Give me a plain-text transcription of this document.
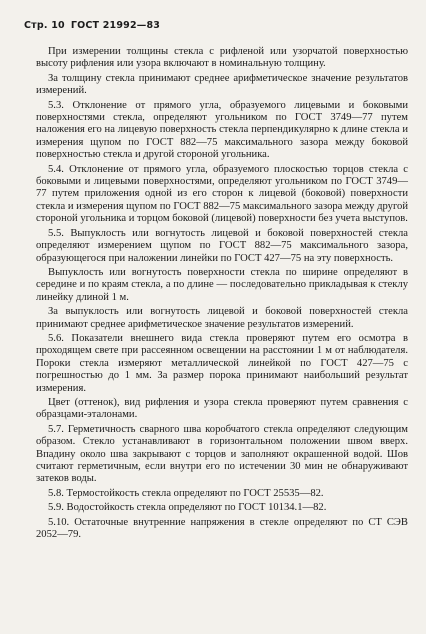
Стр. 10 ГОСТ 21992—83

При измерении толщины стекла с рифленой или узорчатой поверхностью высоту рифления или узора включают в номинальную толщину.

За толщину стекла принимают среднее арифметическое значение результатов измерений.

5.3. Отклонение от прямого угла, образуемого лицевыми и боковыми поверхностями стекла, определяют угольником по ГОСТ 3749—77 путем наложения его на лицевую поверхность стекла перпендикулярно к длине стекла и измерения щупом по ГОСТ 882—75 максимального зазора между боковой поверхностью стекла и другой стороной угольника.

5.4. Отклонение от прямого угла, образуемого плоскостью торцов стекла с боковыми и лицевыми поверхностями, определяют угольником по ГОСТ 3749—77 путем приложения одной из его сторон к лицевой (боковой) поверхности стекла и измерения щупом по ГОСТ 882—75 максимального зазора между другой стороной угольника и торцом боковой (лицевой) поверхности без учета выступов.

5.5. Выпуклость или вогнутость лицевой и боковой поверхностей стекла определяют измерением щупом по ГОСТ 882—75 максимального зазора, образующегося при наложении линейки по ГОСТ 427—75 на эту поверхность.

Выпуклость или вогнутость поверхности стекла по ширине определяют в середине и по краям стекла, а по длине — последовательно прикладывая к стеклу линейку длиной 1 м.

За выпуклость или вогнутость лицевой и боковой поверхностей стекла принимают среднее арифметическое значение результатов измерений.

5.6. Показатели внешнего вида стекла проверяют путем его осмотра в проходящем свете при рассеянном освещении на расстоянии 1 м от наблюдателя. Пороки стекла измеряют металлической линейкой по ГОСТ 427—75 с погрешностью до 1 мм. За размер порока принимают наибольший результат измерения.

Цвет (оттенок), вид рифления и узора стекла проверяют путем сравнения с образцами-эталонами.

5.7. Герметичность сварного шва коробчатого стекла определяют следующим образом. Стекло устанавливают в горизонтальном положении швом вверх. Впадину около шва закрывают с торцов и заполняют окрашенной водой. Шов считают герметичным, если внутри его по истечении 30 мин не обнаруживают затеков воды.

5.8. Термостойкость стекла определяют по ГОСТ 25535—82.

5.9. Водостойкость стекла определяют по ГОСТ 10134.1—82.

5.10. Остаточные внутренние напряжения в стекле определяют по СТ СЭВ 2052—79.
